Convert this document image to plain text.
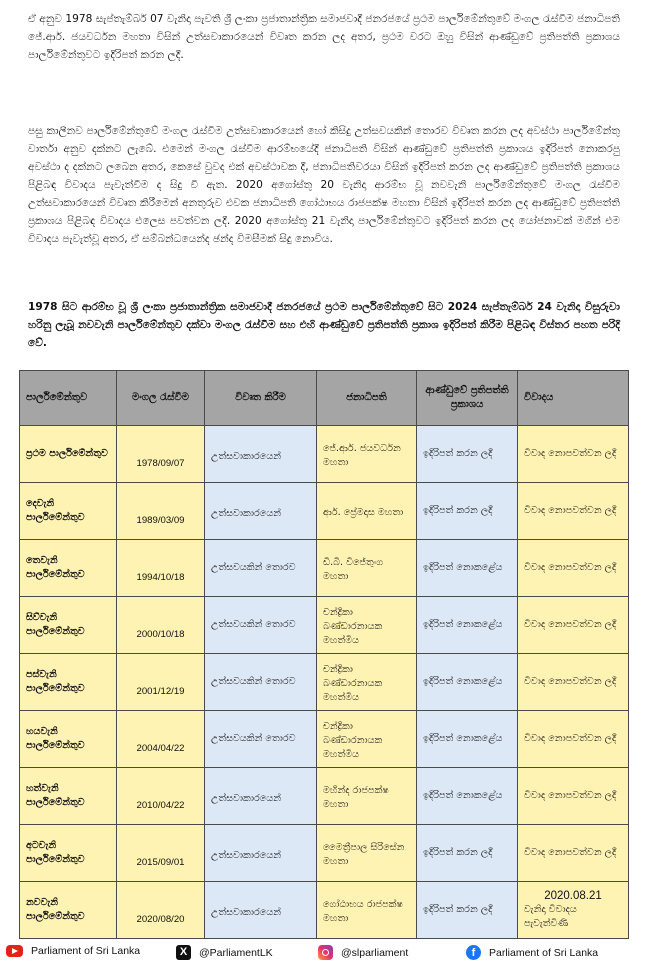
ඒ අනුව 1978 සැප්තැම්බර් 07 වැනිදා පැවති ශ්‍රී ලංකා ප්‍රජාතාන්ත්‍රික සමාජවාදී ජනරජයේ ප්‍රථම පාර්ලිමේන්තුවේ මංගල රැස්වීම ජනාධිපති ජේ.ආර්. ජයවර්ධන මහතා විසින් උත්සවාකාරයෙන් විවෘත කරන ලද අතර, ප්‍රථම වරට ඔහු විසින් ආණ්ඩුවේ ප්‍රතිපත්ති ප්‍රකාශය පාර්ලිමේන්තුවට ඉදිරිපත් කරන ලදී.

පසු කාලීනව පාර්ලිමේන්තුවේ මංගල රැස්වීම උත්සවාකාරයෙන් හෝ කිසිදු උත්සවයකින් තොරව විවෘත කරන ලද අවස්ථා පාර්ලිමේන්තු වාර්තා අනුව දක්නට ලැබේ. එමෙන් මංගල රැස්වීම ආරම්භයේදී ජනාධිපති විසින් ආණ්ඩුවේ ප්‍රතිපත්ති ප්‍රකාශය ඉදිරිපත් නොකරපු අවස්ථා ද දක්නට ලබෙන අතර, කෙසේ වුවද එක් අවස්ථාවක දී, ජනාධිපතිවරයා විසින් ඉදිරිපත් කරන ලද ආණ්ඩුවේ ප්‍රතිපත්ති ප්‍රකාශය පිළිබඳ විවාදය පැවැත්වීම ද සිදු වී ඇත. 2020 අගෝස්තු 20 වැනිදා ආරම්භ වූ නවවැනි පාර්ලිමේන්තුවේ මංගල රැස්වීම උත්සවාකාරයෙන් විවෘත කිරීමෙන් අනතුරුව එවක ජනාධිපති ගෝඨාභය රාජපක්ෂ මහතා විසින් ඉදිරිපත් කරන ලද ආණ්ඩුවේ ප්‍රතිපත්ති ප්‍රකාශය පිළිබඳ විවාදය එලෙස පවත්වන ලදී. 2020 අගෝස්තු 21 වැනිදා පාර්ලිමේන්තුවට ඉදිරිපත් කරන ලද යෝජනාවක් මගින් එම විවාදය පැවැත්වූ අතර, ඒ සම්බන්ධයෙන්ද ඡන්ද විමසීමක් සිදු නොවිය.

1978 සිට ආරම්භ වූ ශ්‍රී ලංකා ප්‍රජාතාන්ත්‍රික සමාජවාදී ජනරජයේ ප්‍රථම පාර්ලිමේන්තුවේ සිට 2024 සැප්තැම්බර් 24 වැනිදා විසුරුවා හරිනු ලැබූ නවවැනි පාර්ලිමේන්තුව දක්වා මංගල රැස්වීම සහ එහි ආණ්ඩුවේ ප්‍රතිපත්ති ප්‍රකාශ ඉදිරිපත් කිරීම පිළිබඳ විස්තර පහත පරිදි වේ.

පාර්ලිමේන්තුව	මංගල රැස්වීම	විවෘත කිරීම	ජනාධිපති	ආණ්ඩුවේ ප්‍රතිපත්ති ප්‍රකාශය	විවාදය
ප්‍රථම පාර්ලිමේන්තුව	1978/09/07	උත්සවාකාරයෙන්	ජේ.ආර්. ජයවර්ධන මහතා	ඉදිරිපත් කරන ලදී	විවාද නොපවත්වන ලදී
දෙවැනි පාර්ලිමේන්තුව	1989/03/09	උත්සවාකාරයෙන්	ආර්. ප්‍රේමදාස මහතා	ඉදිරිපත් කරන ලදී	විවාද නොපවත්වන ලදී
තෙවැනි පාර්ලිමේන්තුව	1994/10/18	උත්සවයකින් තොරව	ඩී.බී. විජේතුංග මහතා	ඉදිරිපත් නොකළේය	විවාද නොපවත්වන ලදී
සිව්වැනි පාර්ලිමේන්තුව	2000/10/18	උත්සවයකින් තොරව	චන්ද්‍රිකා බණ්ඩාරනායක මහත්මිය	ඉදිරිපත් නොකළේය	විවාද නොපවත්වන ලදී
පස්වැනි පාර්ලිමේන්තුව	2001/12/19	උත්සවයකින් තොරව	චන්ද්‍රිකා බණ්ඩාරනායක මහත්මිය	ඉදිරිපත් නොකළේය	විවාද නොපවත්වන ලදී
හයවැනි පාර්ලිමේන්තුව	2004/04/22	උත්සවයකින් තොරව	චන්ද්‍රිකා බණ්ඩාරනායක මහත්මිය	ඉදිරිපත් නොකළේය	විවාද නොපවත්වන ලදී
හත්වැනි පාර්ලිමේන්තුව	2010/04/22	උත්සවාකාරයෙන්	මහින්ද රාජපක්ෂ මහතා	ඉදිරිපත් නොකළේය	විවාද නොපවත්වන ලදී
අටවැනි පාර්ලිමේන්තුව	2015/09/01	උත්සවාකාරයෙන්	මෛත්‍රීපාල සිරිසේන මහතා	ඉදිරිපත් කරන ලදී	විවාද නොපවත්වන ලදී
නවවැනි පාර්ලිමේන්තුව	2020/08/20	උත්සවාකාරයෙන්	ගෝඨාභය රාජපක්ෂ මහතා	ඉදිරිපත් කරන ලදී	2020.08.21
වැනිදා විවාදය පැවැත්විණි
Parliament of Sri Lanka	X	@ParliamentLK	@slparliament	f	Parliament of Sri Lanka
